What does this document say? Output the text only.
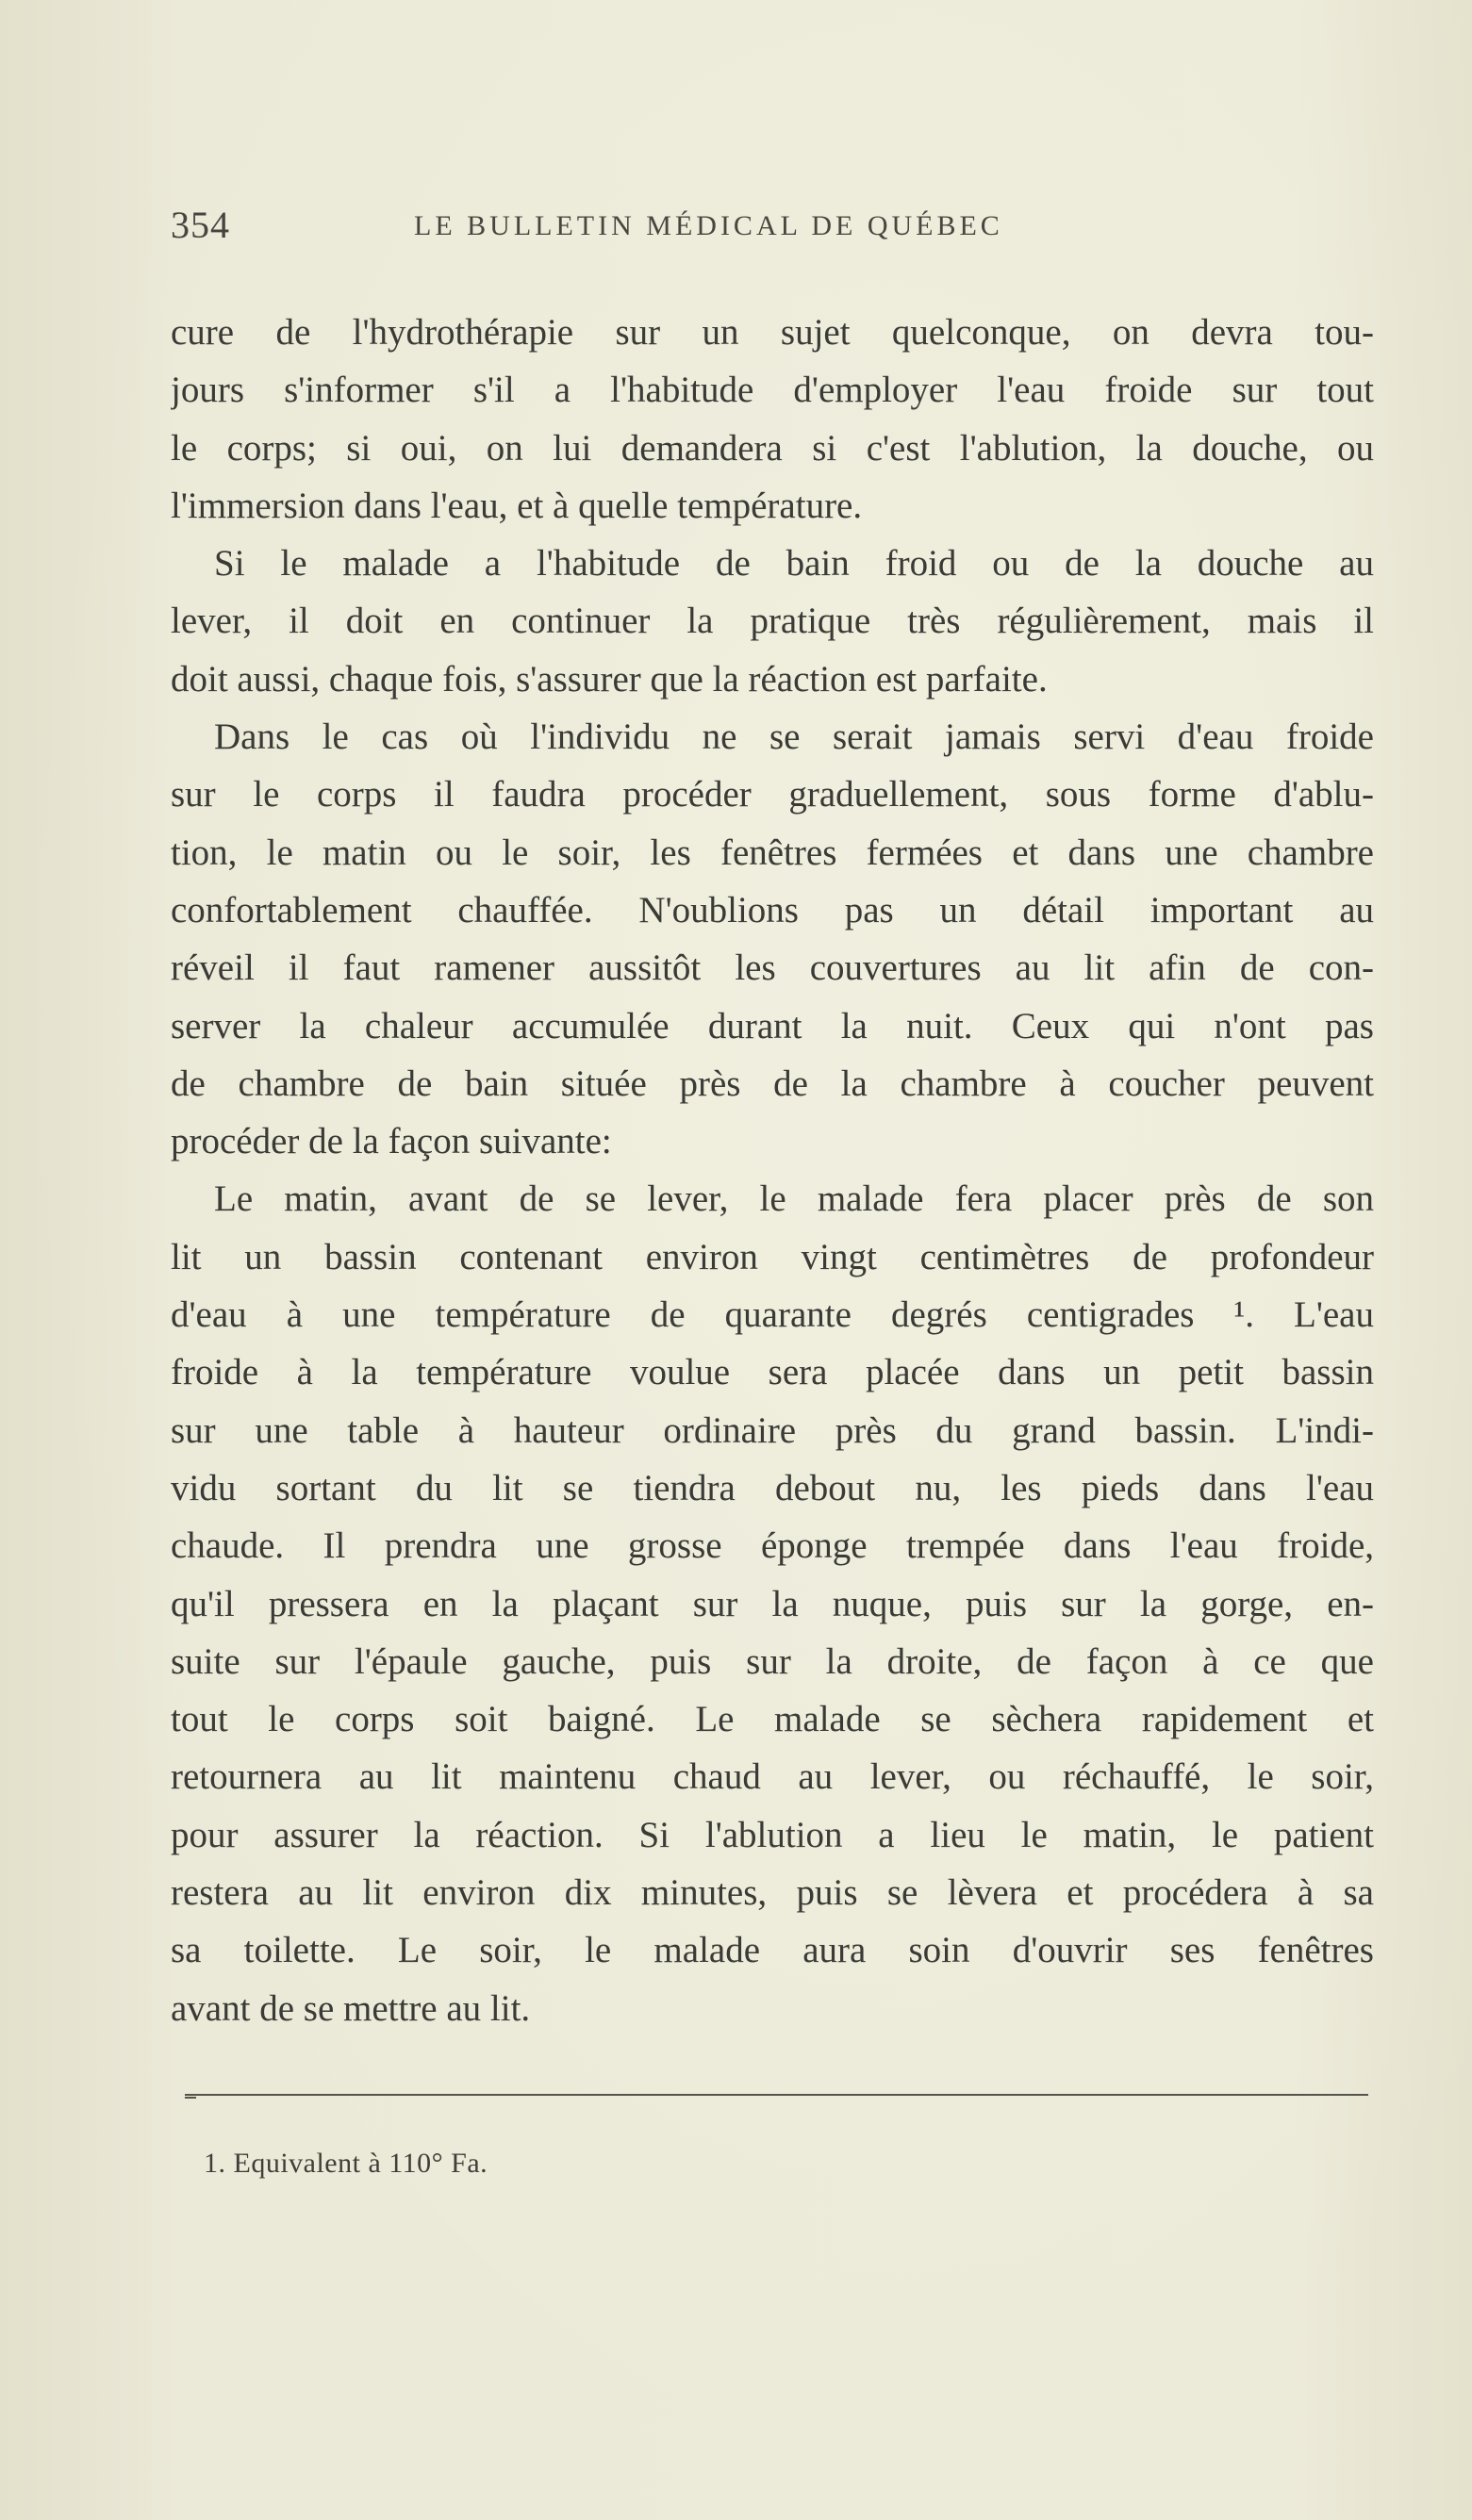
354	LE BULLETIN MÉDICAL DE QUÉBEC
cure de l'hydrothérapie sur un sujet quelconque, on devra tou-
jours s'informer s'il a l'habitude d'employer l'eau froide sur tout
le corps; si oui, on lui demandera si c'est l'ablution, la douche, ou
l'immersion dans l'eau, et à quelle température.
Si le malade a l'habitude de bain froid ou de la douche au
lever, il doit en continuer la pratique très régulièrement, mais il
doit aussi, chaque fois, s'assurer que la réaction est parfaite.
Dans le cas où l'individu ne se serait jamais servi d'eau froide
sur le corps il faudra procéder graduellement, sous forme d'ablu-
tion, le matin ou le soir, les fenêtres fermées et dans une chambre
confortablement chauffée. N'oublions pas un détail important au
réveil il faut ramener aussitôt les couvertures au lit afin de con-
server la chaleur accumulée durant la nuit. Ceux qui n'ont pas
de chambre de bain située près de la chambre à coucher peuvent
procéder de la façon suivante:
Le matin, avant de se lever, le malade fera placer près de son
lit un bassin contenant environ vingt centimètres de profondeur
d'eau à une température de quarante degrés centigrades ¹. L'eau
froide à la température voulue sera placée dans un petit bassin
sur une table à hauteur ordinaire près du grand bassin. L'indi-
vidu sortant du lit se tiendra debout nu, les pieds dans l'eau
chaude. Il prendra une grosse éponge trempée dans l'eau froide,
qu'il pressera en la plaçant sur la nuque, puis sur la gorge, en-
suite sur l'épaule gauche, puis sur la droite, de façon à ce que
tout le corps soit baigné. Le malade se sèchera rapidement et
retournera au lit maintenu chaud au lever, ou réchauffé, le soir,
pour assurer la réaction. Si l'ablution a lieu le matin, le patient
restera au lit environ dix minutes, puis se lèvera et procédera à sa
sa toilette. Le soir, le malade aura soin d'ouvrir ses fenêtres
avant de se mettre au lit.
1. Equivalent à 110° Fa.
